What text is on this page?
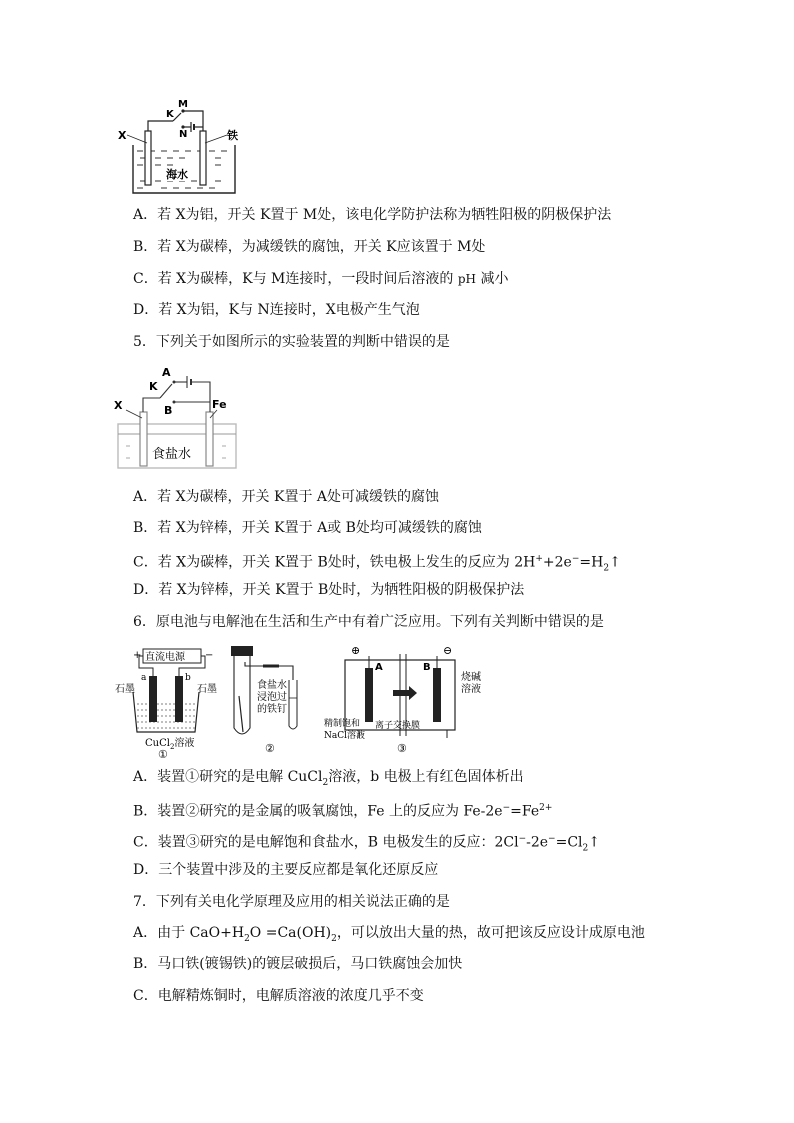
M
K
N
X	铁
海水
A．若 X为铝，开关 K置于 M处，该电化学防护法称为牺牲阳极的阴极保护法
B．若 X为碳棒，为减缓铁的腐蚀，开关 K应该置于 M处
C．若 X为碳棒，K与 M连接时，一段时间后溶液的 pH 减小
D．若 X为铝，K与 N连接时，X电极产生气泡
5．下列关于如图所示的实验装置的判断中错误的是
A
K
B
X	Fe
食盐水
A．若 X为碳棒，开关 K置于 A处可减缓铁的腐蚀
B．若 X为锌棒，开关 K置于 A或 B处均可减缓铁的腐蚀
C．若 X为碳棒，开关 K置于 B处时，铁电极上发生的反应为 $2H^++2e^-=H_2↑$
D．若 X为锌棒，开关 K置于 B处时，为牺牲阳极的阴极保护法
6．原电池与电解池在生活和生产中有着广泛应用。下列有关判断中错误的是
直流电源
+	−
a	b
石墨	石墨
CuCl$_2$溶液
①
食盐水
浸泡过
的铁钉
②
⊕	⊖
A	B
烧碱
溶液
精制饱和
NaCl溶液
离子交换膜
③
A．装置①研究的是电解 CuCl$_2$溶液，b 电极上有红色固体析出
B．装置②研究的是金属的吸氧腐蚀，Fe 上的反应为 $Fe-2e^-=Fe^{2+}$
C．装置③研究的是电解饱和食盐水，B 电极发生的反应：$2Cl^--2e^-=Cl_2↑$
D．三个装置中涉及的主要反应都是氧化还原反应
7．下列有关电化学原理及应用的相关说法正确的是
A．由于 $CaO+H_2O =Ca(OH)_2$，可以放出大量的热，故可把该反应设计成原电池
B．马口铁(镀锡铁)的镀层破损后，马口铁腐蚀会加快
C．电解精炼铜时，电解质溶液的浓度几乎不变
